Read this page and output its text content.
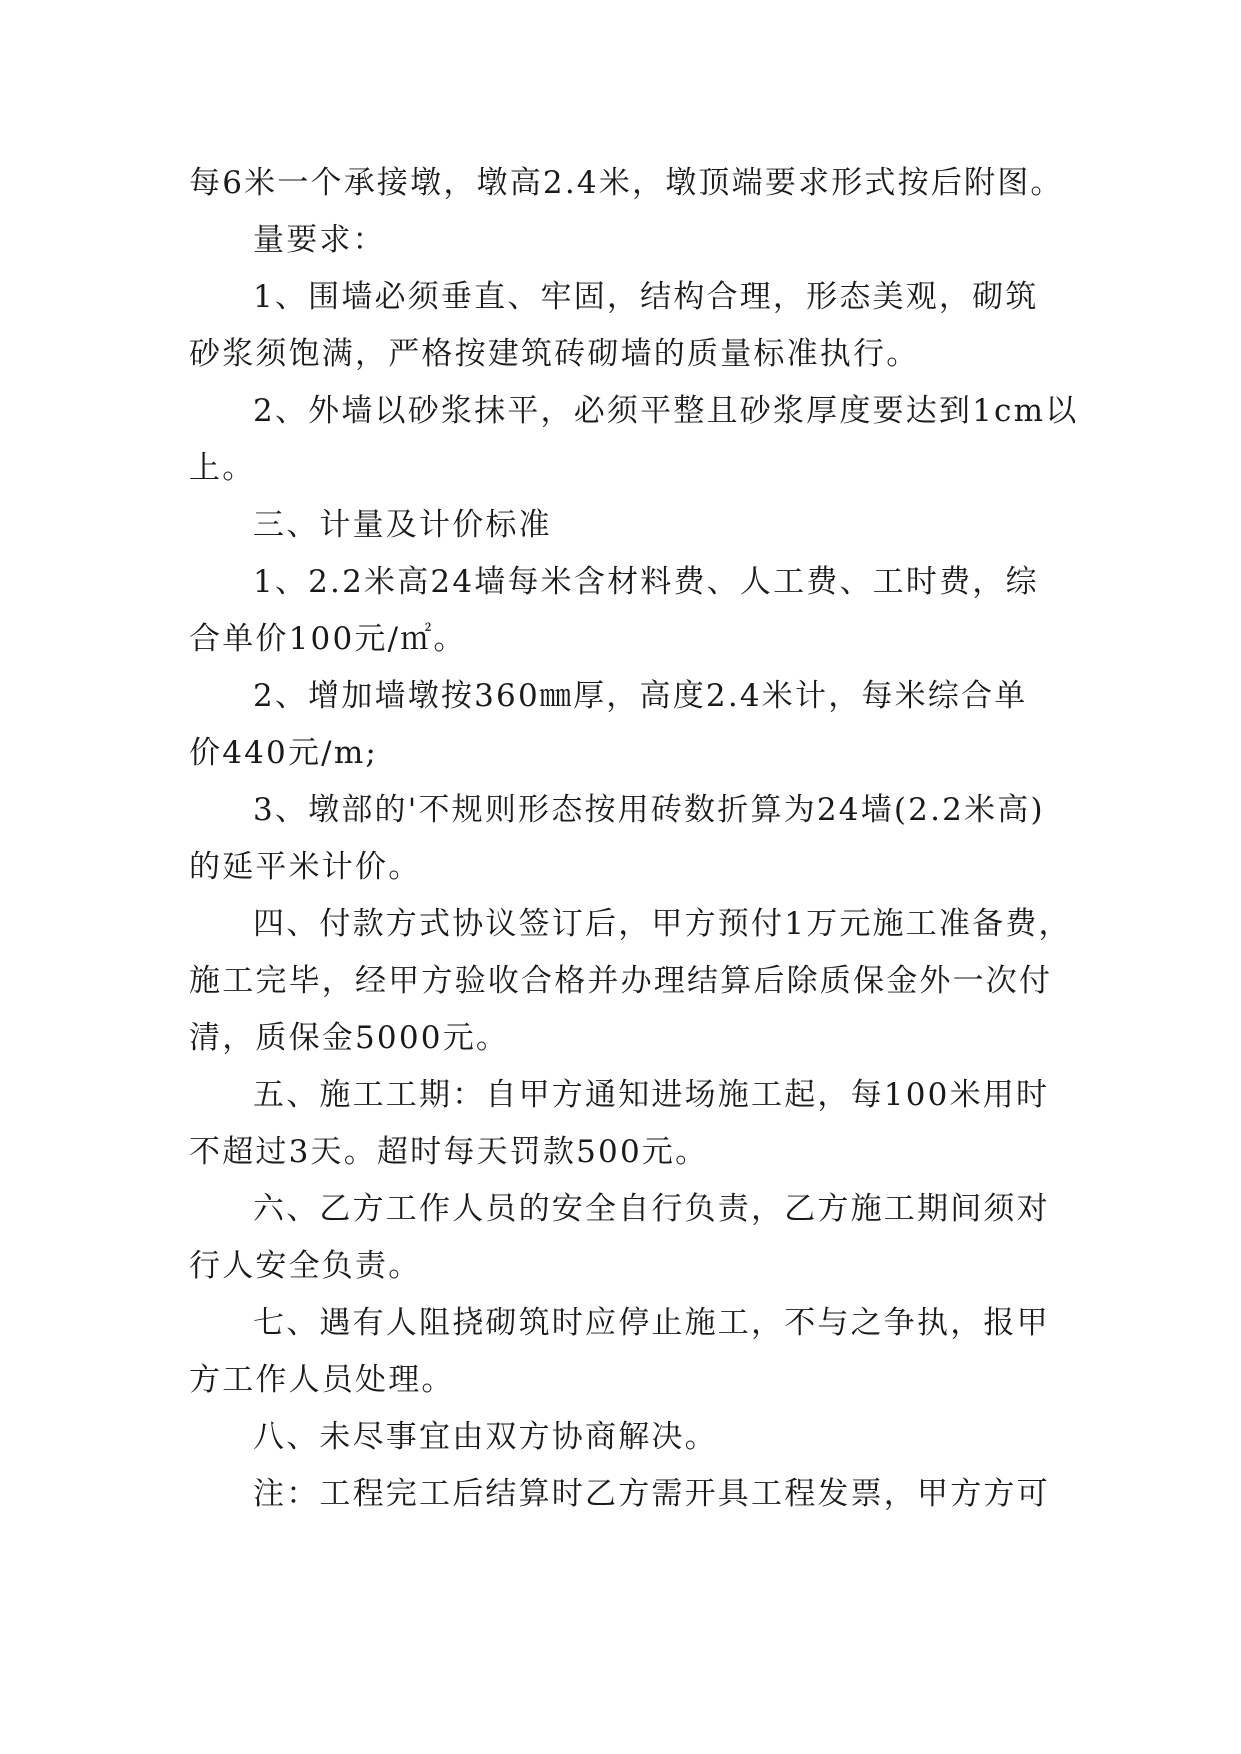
每6米一个承接墩，墩高2.4米，墩顶端要求形式按后附图。
量要求：
1、围墙必须垂直、牢固，结构合理，形态美观，砌筑
砂浆须饱满，严格按建筑砖砌墙的质量标准执行。
2、外墙以砂浆抹平，必须平整且砂浆厚度要达到1cm以
上。
三、计量及计价标准
1、2.2米高24墙每米含材料费、人工费、工时费，综
合单价100元/㎡。
2、增加墙墩按360㎜厚，高度2.4米计，每米综合单
价440元/m;
3、墩部的'不规则形态按用砖数折算为24墙(2.2米高)
的延平米计价。
四、付款方式协议签订后，甲方预付1万元施工准备费，
施工完毕，经甲方验收合格并办理结算后除质保金外一次付
清，质保金5000元。
五、施工工期：自甲方通知进场施工起，每100米用时
不超过3天。超时每天罚款500元。
六、乙方工作人员的安全自行负责，乙方施工期间须对
行人安全负责。
七、遇有人阻挠砌筑时应停止施工，不与之争执，报甲
方工作人员处理。
八、未尽事宜由双方协商解决。
注：工程完工后结算时乙方需开具工程发票，甲方方可
